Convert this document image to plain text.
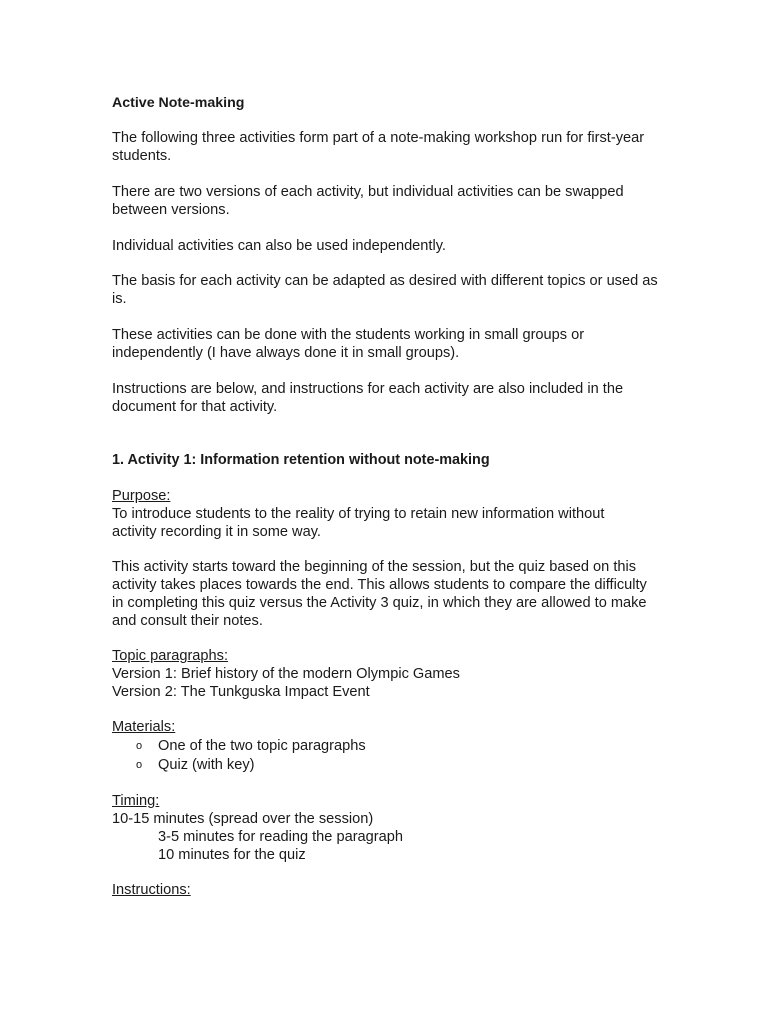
Active Note-making

The following three activities form part of a note-making workshop run for first-year students.

There are two versions of each activity, but individual activities can be swapped between versions.

Individual activities can also be used independently.

The basis for each activity can be adapted as desired with different topics or used as is.

These activities can be done with the students working in small groups or independently (I have always done it in small groups).

Instructions are below, and instructions for each activity are also included in the document for that activity.

1. Activity 1: Information retention without note-making

Purpose:

To introduce students to the reality of trying to retain new information without activity recording it in some way.

This activity starts toward the beginning of the session, but the quiz based on this activity takes places towards the end. This allows students to compare the difficulty in completing this quiz versus the Activity 3 quiz, in which they are allowed to make and consult their notes.

Topic paragraphs:

Version 1: Brief history of the modern Olympic Games

Version 2: The Tunkguska Impact Event

Materials:

o One of the two topic paragraphs
o Quiz (with key)

Timing:

10-15 minutes (spread over the session)

3-5 minutes for reading the paragraph

10 minutes for the quiz

Instructions:
